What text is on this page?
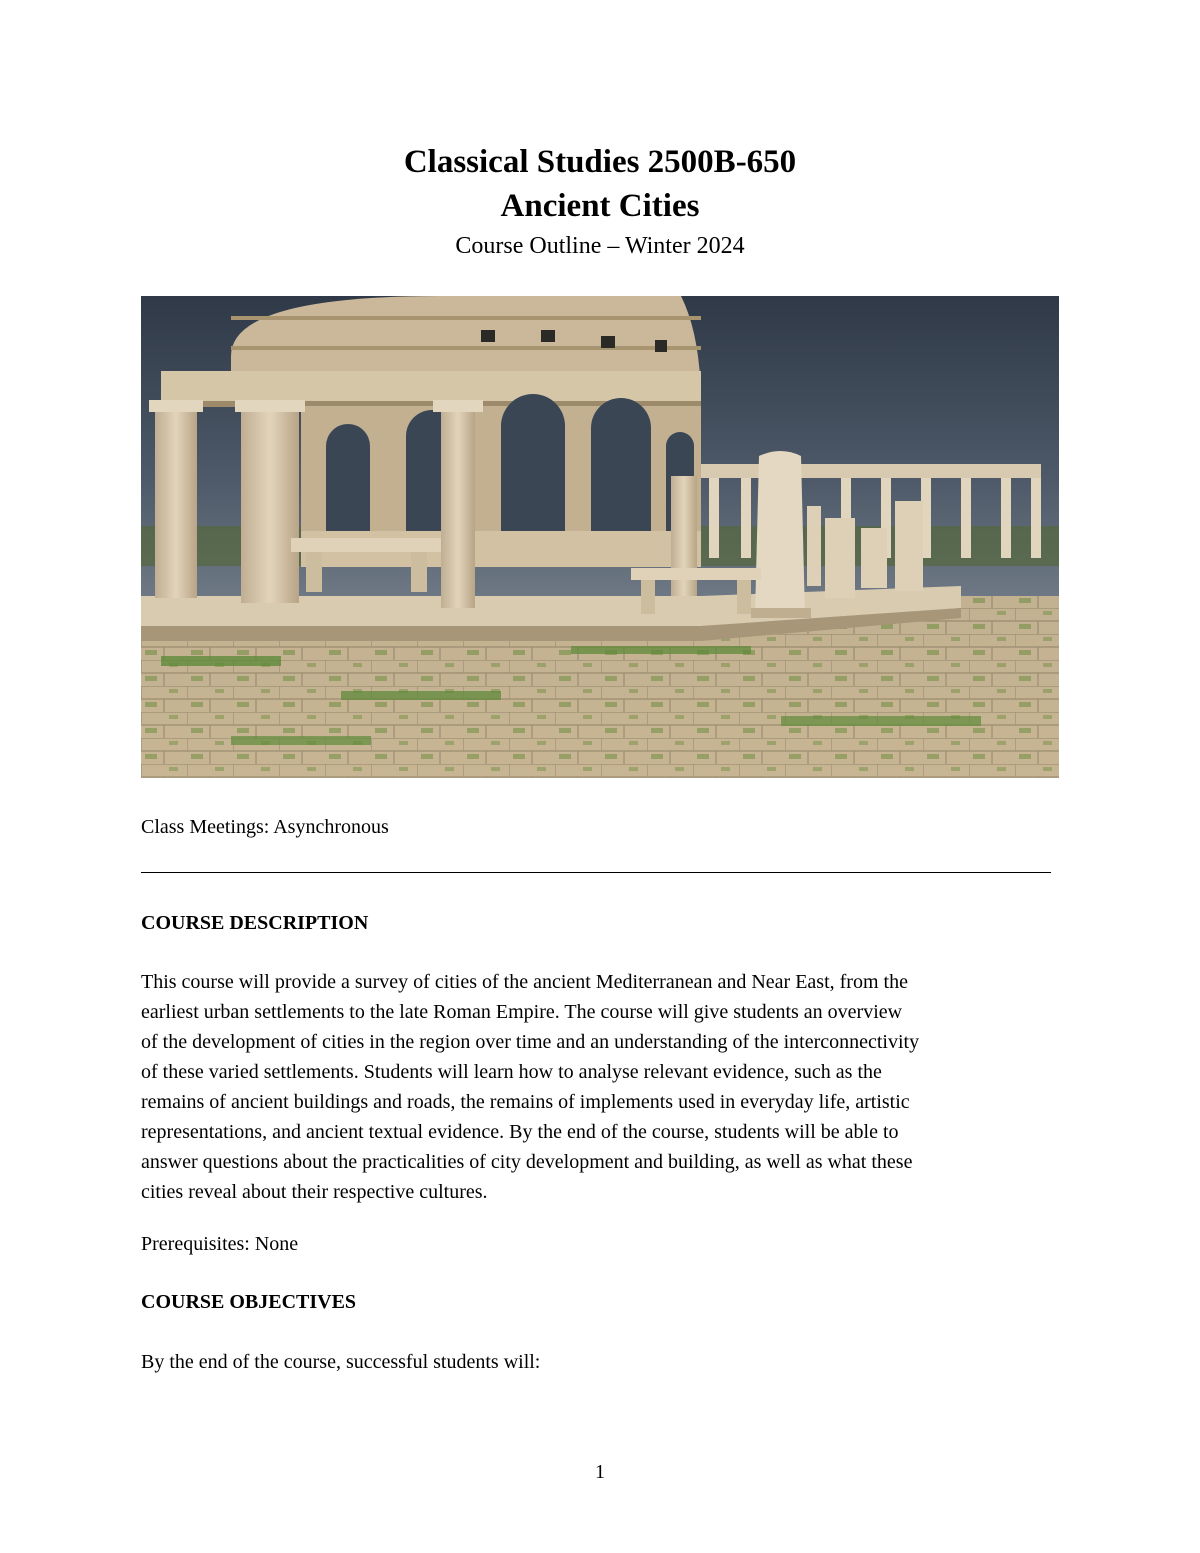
Classical Studies 2500B-650
Ancient Cities
Course Outline – Winter 2024
Class Meetings: Asynchronous
COURSE DESCRIPTION

This course will provide a survey of cities of the ancient Mediterranean and Near East, from the

earliest urban settlements to the late Roman Empire. The course will give students an overview

of the development of cities in the region over time and an understanding of the interconnectivity

of these varied settlements. Students will learn how to analyse relevant evidence, such as the

remains of ancient buildings and roads, the remains of implements used in everyday life, artistic

representations, and ancient textual evidence. By the end of the course, students will be able to

answer questions about the practicalities of city development and building, as well as what these

cities reveal about their respective cultures.

Prerequisites: None
COURSE OBJECTIVES
By the end of the course, successful students will:
1
